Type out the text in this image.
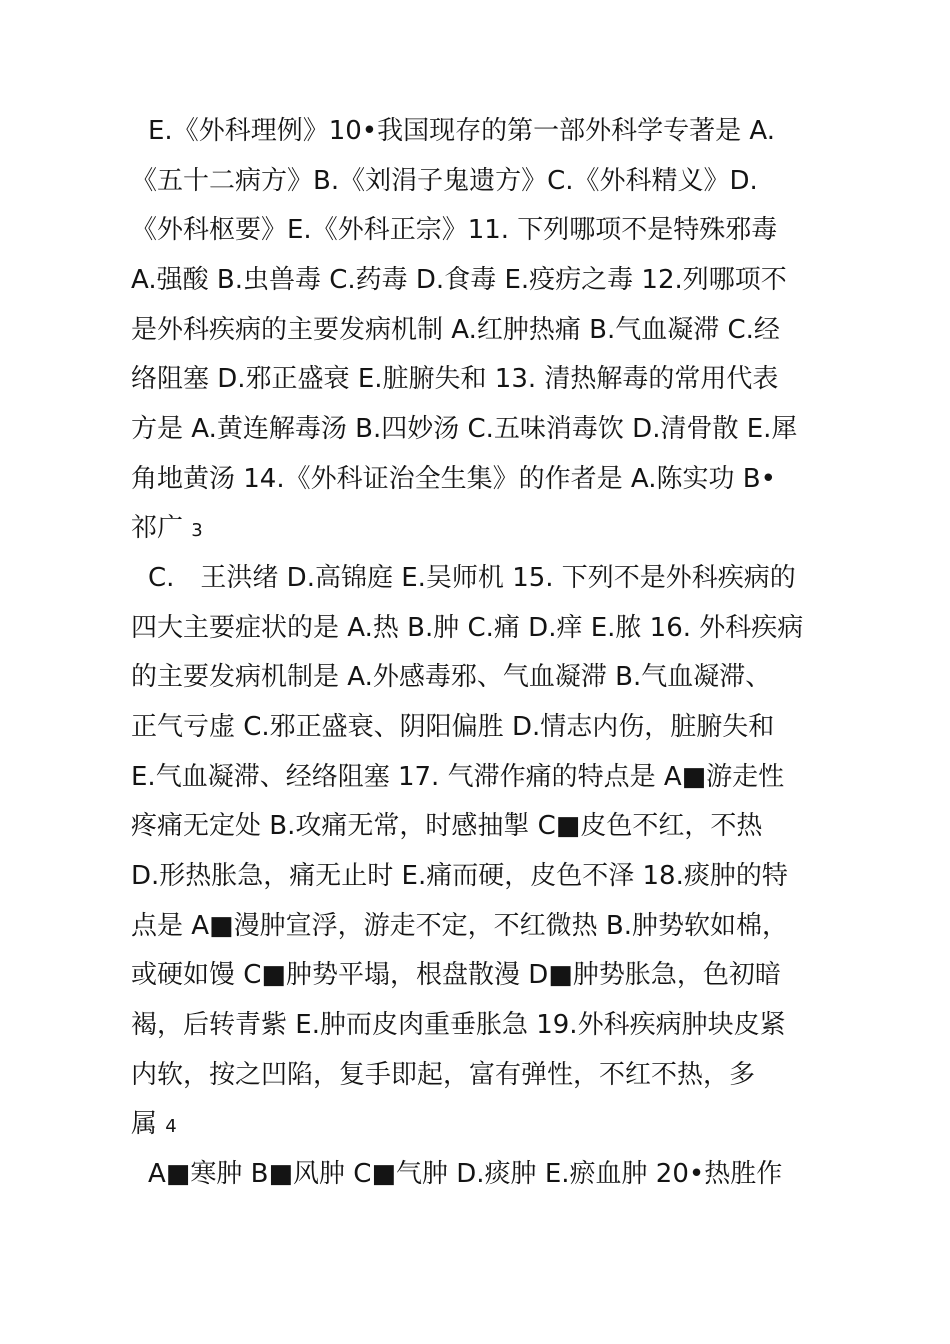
E.《外科理例》10•我国现存的第一部外科学专著是 A.
《五十二病方》B.《刘涓子鬼遗方》C.《外科精义》D.
《外科枢要》E.《外科正宗》11. 下列哪项不是特殊邪毒
A.强酸 B.虫兽毒 C.药毒 D.食毒 E.疫疠之毒 12.列哪项不
是外科疾病的主要发病机制 A.红肿热痛 B.气血凝滞 C.经
络阻塞 D.邪正盛衰 E.脏腑失和 13. 清热解毒的常用代表
方是 A.黄连解毒汤 B.四妙汤 C.五味消毒饮 D.清骨散 E.犀
角地黄汤 14.《外科证治全生集》的作者是 A.陈实功 B•
祁广 3
C.　王洪绪 D.高锦庭 E.吴师机 15. 下列不是外科疾病的
四大主要症状的是 A.热 B.肿 C.痛 D.痒 E.脓 16. 外科疾病
的主要发病机制是 A.外感毒邪、气血凝滞 B.气血凝滞、
正气亏虚 C.邪正盛衰、阴阳偏胜 D.情志内伤，脏腑失和
E.气血凝滞、经络阻塞 17. 气滞作痛的特点是 A■游走性
疼痛无定处 B.攻痛无常，时感抽掣 C■皮色不红，不热
D.形热胀急，痛无止时 E.痛而硬，皮色不泽 18.痰肿的特
点是 A■漫肿宣浮，游走不定，不红微热 B.肿势软如棉，
或硬如馒 C■肿势平塌，根盘散漫 D■肿势胀急，色初暗
褐，后转青紫 E.肿而皮肉重垂胀急 19.外科疾病肿块皮紧
内软，按之凹陷，复手即起，富有弹性，不红不热，多
属 4
A■寒肿 B■风肿 C■气肿 D.痰肿 E.瘀血肿 20•热胜作
